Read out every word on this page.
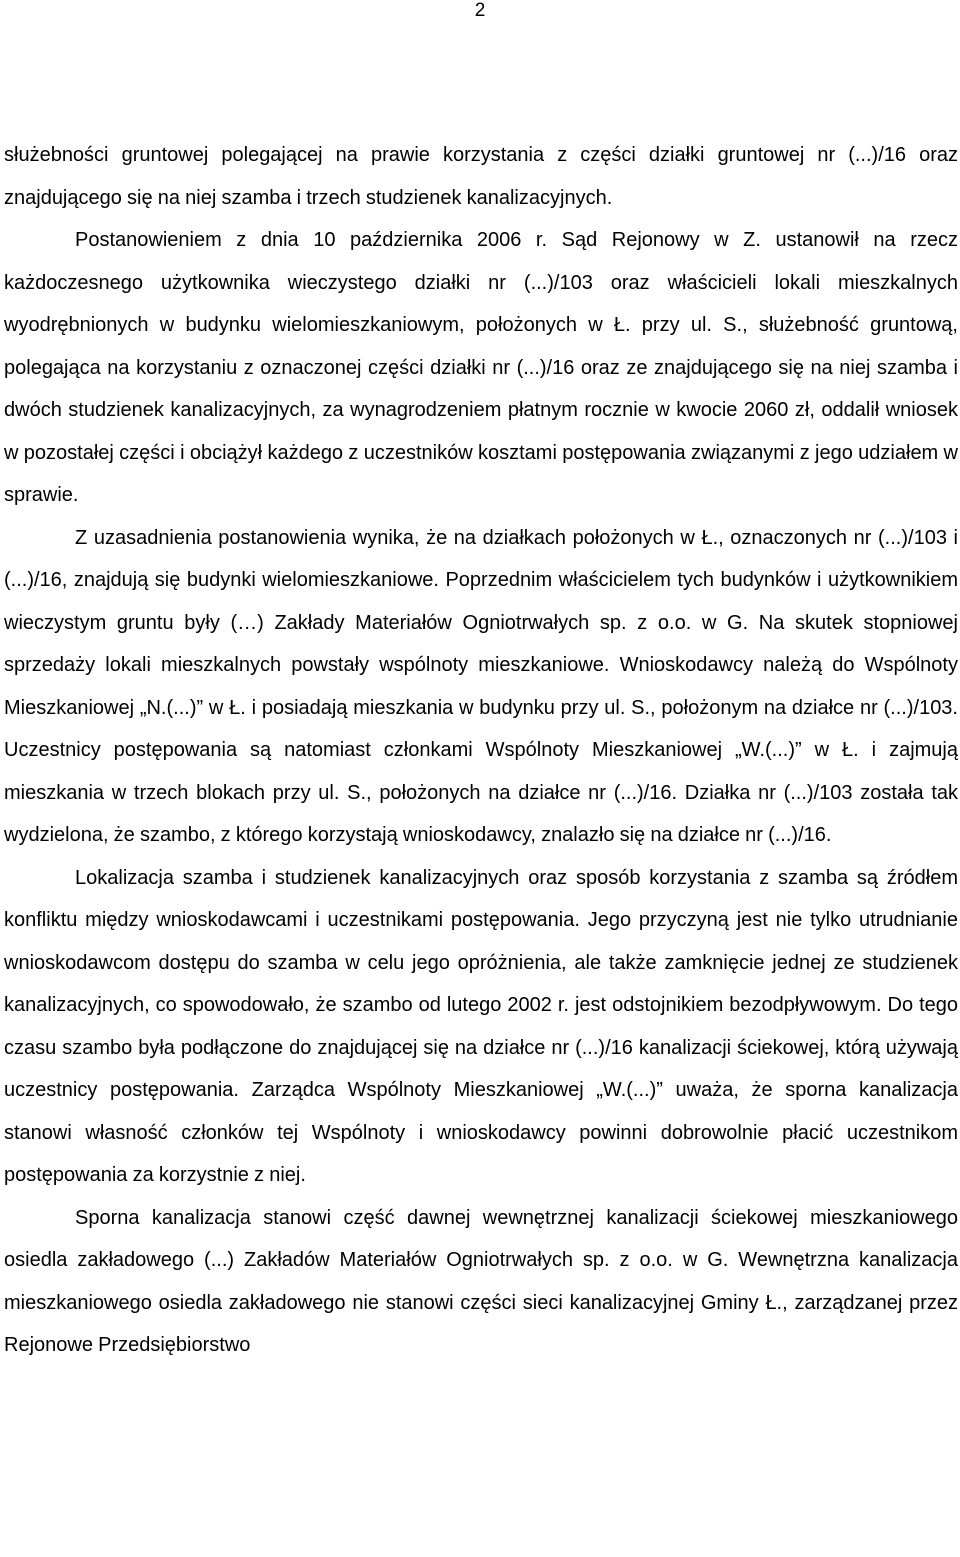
2

służebności gruntowej polegającej na prawie korzystania z części działki gruntowej nr (...)/16 oraz znajdującego się na niej szamba i trzech studzienek kanalizacyjnych.

Postanowieniem z dnia 10 października 2006 r. Sąd Rejonowy w Z. ustanowił na rzecz każdoczesnego użytkownika wieczystego działki nr (...)/103 oraz właścicieli lokali mieszkalnych wyodrębnionych w budynku wielomieszkaniowym, położonych w Ł. przy ul. S., służebność gruntową, polegająca na korzystaniu z oznaczonej części działki nr (...)/16 oraz ze znajdującego się na niej szamba i dwóch studzienek kanalizacyjnych, za wynagrodzeniem płatnym rocznie w kwocie 2060 zł, oddalił wniosek w pozostałej części i obciążył każdego z uczestników kosztami postępowania związanymi z jego udziałem w sprawie.

Z uzasadnienia postanowienia wynika, że na działkach położonych w Ł., oznaczonych nr (...)/103 i (...)/16, znajdują się budynki wielomieszkaniowe. Poprzednim właścicielem tych budynków i użytkownikiem wieczystym gruntu były (…) Zakłady Materiałów Ogniotrwałych sp. z o.o. w G. Na skutek stopniowej sprzedaży lokali mieszkalnych powstały wspólnoty mieszkaniowe. Wnioskodawcy należą do Wspólnoty Mieszkaniowej „N.(...)” w Ł. i posiadają mieszkania w budynku przy ul. S., położonym na działce nr (...)/103. Uczestnicy postępowania są natomiast członkami Wspólnoty Mieszkaniowej „W.(...)” w Ł. i zajmują mieszkania w trzech blokach przy ul. S., położonych na działce nr (...)/16. Działka nr (...)/103 została tak wydzielona, że szambo, z którego korzystają wnioskodawcy, znalazło się na działce nr (...)/16.

Lokalizacja szamba i studzienek kanalizacyjnych oraz sposób korzystania z szamba są źródłem konfliktu między wnioskodawcami i uczestnikami postępowania. Jego przyczyną jest nie tylko utrudnianie wnioskodawcom dostępu do szamba w celu jego opróżnienia, ale także zamknięcie jednej ze studzienek kanalizacyjnych, co spowodowało, że szambo od lutego 2002 r. jest odstojnikiem bezodpływowym. Do tego czasu szambo była podłączone do znajdującej się na działce nr (...)/16 kanalizacji ściekowej, którą używają uczestnicy postępowania. Zarządca Wspólnoty Mieszkaniowej „W.(...)” uważa, że sporna kanalizacja stanowi własność członków tej Wspólnoty i wnioskodawcy powinni dobrowolnie płacić uczestnikom postępowania za korzystnie z niej.

Sporna kanalizacja stanowi część dawnej wewnętrznej kanalizacji ściekowej mieszkaniowego osiedla zakładowego (...) Zakładów Materiałów Ogniotrwałych sp. z o.o. w G. Wewnętrzna kanalizacja mieszkaniowego osiedla zakładowego nie stanowi części sieci kanalizacyjnej Gminy Ł., zarządzanej przez Rejonowe Przedsiębiorstwo
